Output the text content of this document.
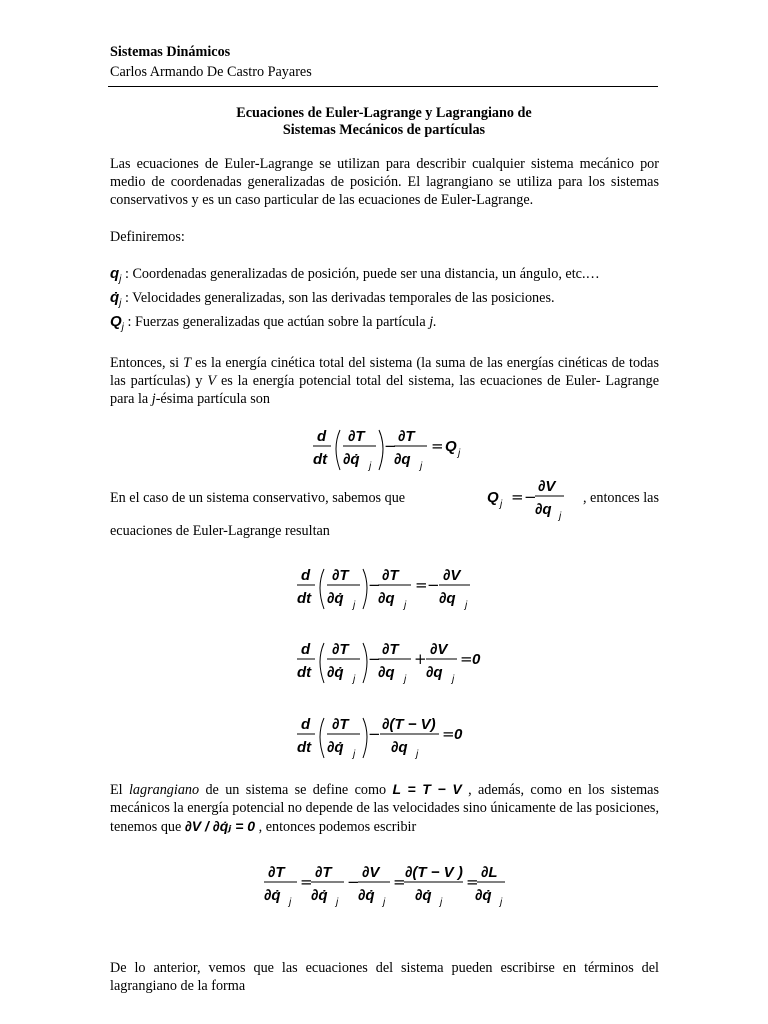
Sistemas Dinámicos
Carlos Armando De Castro Payares
Ecuaciones de Euler-Lagrange y Lagrangiano de
Sistemas Mecánicos de partículas
Las ecuaciones de Euler-Lagrange se utilizan para describir cualquier sistema mecánico por medio de coordenadas generalizadas de posición. El lagrangiano se utiliza para los sistemas conservativos y es un caso particular de las ecuaciones de Euler-Lagrange.
Definiremos:
$q_j$ : Coordenadas generalizadas de posición, puede ser una distancia, un ángulo, etc.…
$q̇_j$ : Velocidades generalizadas, son las derivadas temporales de las posiciones.
$Q_j$ : Fuerzas generalizadas que actúan sobre la partícula j.
Entonces, si T es la energía cinética total del sistema (la suma de las energías cinéticas de todas las partículas) y V es la energía potencial total del sistema, las ecuaciones de Euler- Lagrange para la j-ésima partícula son
d
dt
∂T
∂q̇ j
−
∂T
∂q j
= Q j
En el caso de un sistema conservativo, sabemos que	, entonces las
Q j = −
∂V
∂q j
ecuaciones de Euler-Lagrange resultan
d
dt
∂T
∂q̇ j
−
∂T
∂q j
= −
∂V
∂q j
d
dt
∂T
∂q̇ j
−
∂T
∂q j
+
∂V
∂q j
= 0
d
dt
∂T
∂q̇ j
−
∂(T − V)
∂q j
= 0
El lagrangiano de un sistema se define como L = T − V , además, como en los sistemas mecánicos la energía potencial no depende de las velocidades sino únicamente de las posiciones, tenemos que ∂V / ∂q̇ⱼ = 0 , entonces podemos escribir
∂T
∂q̇ j
=
∂T
∂q̇ j
−
∂V
∂q̇ j
=
∂(T − V )
∂q̇ j
=
∂L
∂q̇ j
De lo anterior, vemos que las ecuaciones del sistema pueden escribirse en términos del lagrangiano de la forma
